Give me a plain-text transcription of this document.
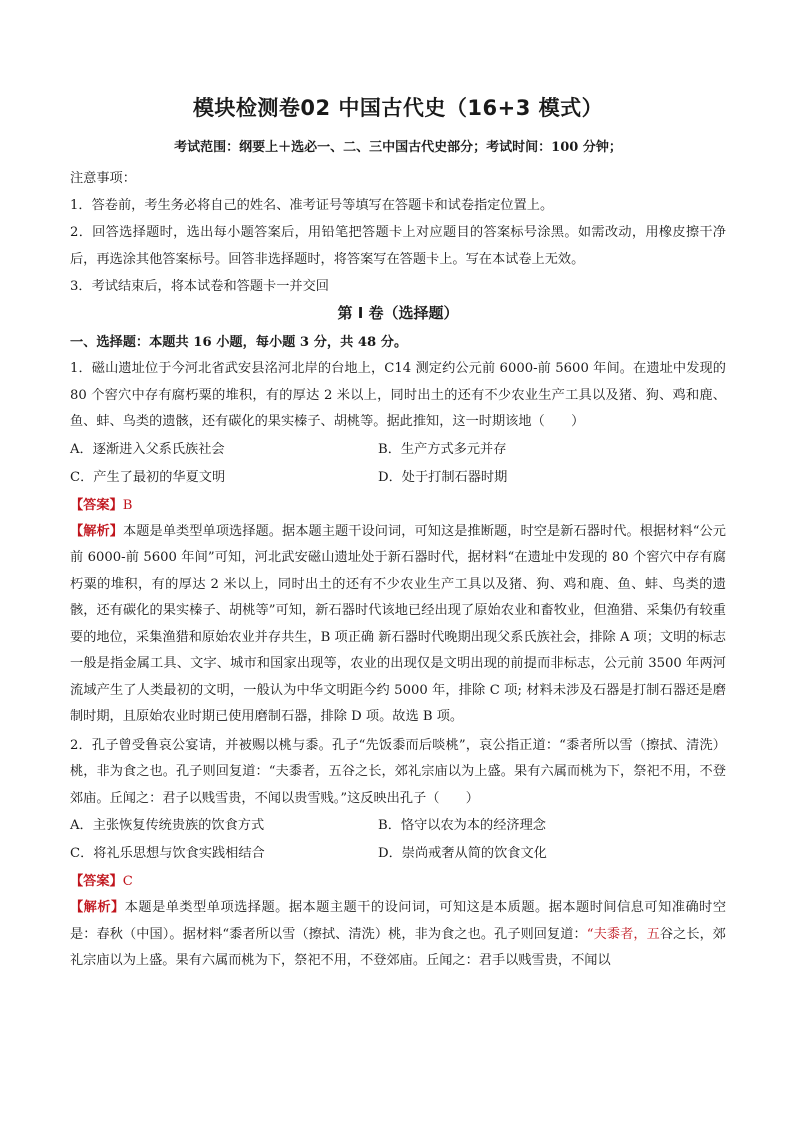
模块检测卷02 中国古代史（16+3 模式）

考试范围：纲要上＋选必一、二、三中国古代史部分；考试时间：100 分钟；

注意事项：

1．答卷前，考生务必将自己的姓名、准考证号等填写在答题卡和试卷指定位置上。

2．回答选择题时，选出每小题答案后，用铅笔把答题卡上对应题目的答案标号涂黑。如需改动，用橡皮擦干净后，再选涂其他答案标号。回答非选择题时，将答案写在答题卡上。写在本试卷上无效。

3．考试结束后，将本试卷和答题卡一并交回

第 I 卷（选择题）

一、选择题：本题共 16 小题，每小题 3 分，共 48 分。

1．磁山遗址位于今河北省武安县洺河北岸的台地上，C14 测定约公元前 6000-前 5600 年间。在遗址中发现的 80 个窖穴中存有腐朽粟的堆积，有的厚达 2 米以上，同时出土的还有不少农业生产工具以及猪、狗、鸡和鹿、鱼、蚌、鸟类的遗骸，还有碳化的果实榛子、胡桃等。据此推知，这一时期该地（　　）

A．逐渐进入父系氏族社会	B．生产方式多元并存
C．产生了最初的华夏文明	D．处于打制石器时期

【答案】B

【解析】本题是单类型单项选择题。据本题主题干设问词，可知这是推断题，时空是新石器时代。根据材料“公元前 6000-前 5600 年间”可知，河北武安磁山遗址处于新石器时代，据材料“在遗址中发现的 80 个窖穴中存有腐朽粟的堆积，有的厚达 2 米以上，同时出土的还有不少农业生产工具以及猪、狗、鸡和鹿、鱼、蚌、鸟类的遗骸，还有碳化的果实榛子、胡桃等”可知，新石器时代该地已经出现了原始农业和畜牧业，但渔猎、采集仍有较重要的地位，采集渔猎和原始农业并存共生，B 项正确 新石器时代晚期出现父系氏族社会，排除 A 项；文明的标志一般是指金属工具、文字、城市和国家出现等，农业的出现仅是文明出现的前提而非标志，公元前 3500 年两河流域产生了人类最初的文明，一般认为中华文明距今约 5000 年，排除 C 项; 材料未涉及石器是打制石器还是磨制时期，且原始农业时期已使用磨制石器，排除 D 项。故选 B 项。

2．孔子曾受鲁哀公宴请，并被赐以桃与黍。孔子“先饭黍而后啖桃”，哀公指正道：“黍者所以雪（擦拭、清洗）桃，非为食之也。孔子则回复道：“夫黍者，五谷之长，郊礼宗庙以为上盛。果有六属而桃为下，祭祀不用，不登郊庙。丘闻之：君子以贱雪贵，不闻以贵雪贱。”这反映出孔子（　　）

A．主张恢复传统贵族的饮食方式	B．恪守以农为本的经济理念
C．将礼乐思想与饮食实践相结合	D．崇尚戒奢从简的饮食文化

【答案】C

【解析】本题是单类型单项选择题。据本题主题干的设问词，可知这是本质题。据本题时间信息可知准确时空是：春秋（中国）。据材料“黍者所以雪（擦拭、清洗）桃，非为食之也。孔子则回复道：“夫黍者，五谷之长，郊礼宗庙以为上盛。果有六属而桃为下，祭祀不用，不登郊庙。丘闻之：君手以贱雪贵，不闻以
